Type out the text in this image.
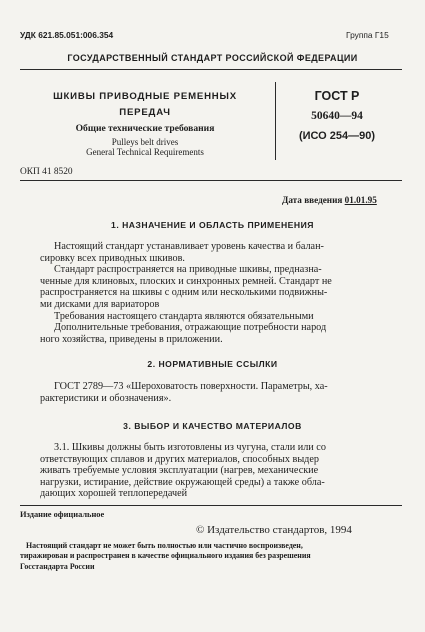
УДК 621.85.051:006.354	Группа Г15
ГОСУДАРСТВЕННЫЙ СТАНДАРТ РОССИЙСКОЙ ФЕДЕРАЦИИ
ШКИВЫ ПРИВОДНЫЕ РЕМЕННЫХ
ПЕРЕДАЧ
Общие технические требования
Pulleys belt drives
General Technical Requirements
ГОСТ Р
50640—94
(ИСО 254—90)
ОКП 41 8520
Дата введения 01.01.95
1. НАЗНАЧЕНИЕ И ОБЛАСТЬ ПРИМЕНЕНИЯ
Настоящий стандарт устанавливает уровень качества и балан-
сировку всех приводных шкивов.
Стандарт распространяется на приводные шкивы, предназна-
ченные для клиновых, плоских и синхронных ремней. Стандарт не
распространяется на шкивы с одним или несколькими подвижны-
ми дисками для вариаторов
Требования настоящего стандарта являются обязательными
Дополнительные требования, отражающие потребности народ
ного хозяйства, приведены в приложении.
2. НОРМАТИВНЫЕ ССЫЛКИ
ГОСТ 2789—73 «Шероховатость поверхности. Параметры, ха-
рактеристики и обозначения».
3. ВЫБОР И КАЧЕСТВО МАТЕРИАЛОВ
3.1. Шкивы должны быть изготовлены из чугуна, стали или со
ответствующих сплавов и других материалов, способных выдер
живать требуемые условия эксплуатации (нагрев, механические
нагрузки, истирание, действие окружающей среды) а также обла-
дающих хорошей теплопередачей
Издание официальное
© Издательство стандартов, 1994
Настоящий стандарт не может быть полностью или частично воспроизведен,
тиражирован и распространен в качестве официального издания без разрешения
Госстандарта России
